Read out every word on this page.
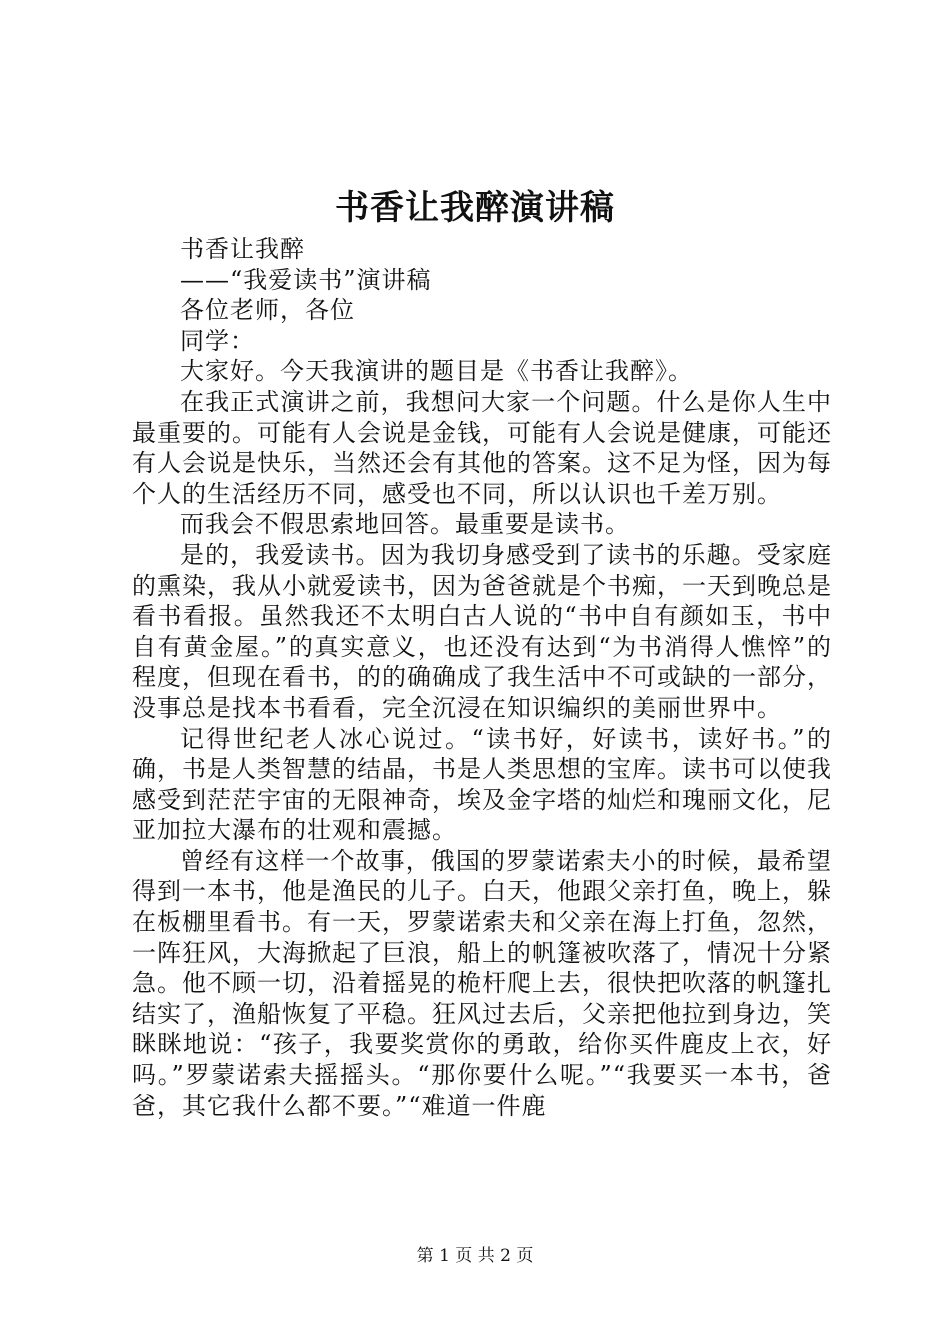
书香让我醉演讲稿

书香让我醉

——“我爱读书”演讲稿

各位老师，各位

同学：

大家好。今天我演讲的题目是《书香让我醉》。

在我正式演讲之前，我想问大家一个问题。什么是你人生中最重要的。可能有人会说是金钱，可能有人会说是健康，可能还有人会说是快乐，当然还会有其他的答案。这不足为怪，因为每个人的生活经历不同，感受也不同，所以认识也千差万别。

而我会不假思索地回答。最重要是读书。

是的，我爱读书。因为我切身感受到了读书的乐趣。受家庭的熏染，我从小就爱读书，因为爸爸就是个书痴，一天到晚总是看书看报。虽然我还不太明白古人说的“书中自有颜如玉，书中自有黄金屋。”的真实意义，也还没有达到“为书消得人憔悴”的程度，但现在看书，的的确确成了我生活中不可或缺的一部分，没事总是找本书看看，完全沉浸在知识编织的美丽世界中。

记得世纪老人冰心说过。“读书好，好读书，读好书。”的确，书是人类智慧的结晶，书是人类思想的宝库。读书可以使我感受到茫茫宇宙的无限神奇，埃及金字塔的灿烂和瑰丽文化，尼亚加拉大瀑布的壮观和震撼。

曾经有这样一个故事，俄国的罗蒙诺索夫小的时候，最希望得到一本书，他是渔民的儿子。白天，他跟父亲打鱼，晚上，躲在板棚里看书。有一天，罗蒙诺索夫和父亲在海上打鱼，忽然，一阵狂风，大海掀起了巨浪，船上的帆篷被吹落了，情况十分紧急。他不顾一切，沿着摇晃的桅杆爬上去，很快把吹落的帆篷扎结实了，渔船恢复了平稳。狂风过去后，父亲把他拉到身边，笑眯眯地说：“孩子，我要奖赏你的勇敢，给你买件鹿皮上衣，好吗。”罗蒙诺索夫摇摇头。“那你要什么呢。”“我要买一本书，爸爸，其它我什么都不要。”“难道一件鹿

第 1 页 共 2 页
